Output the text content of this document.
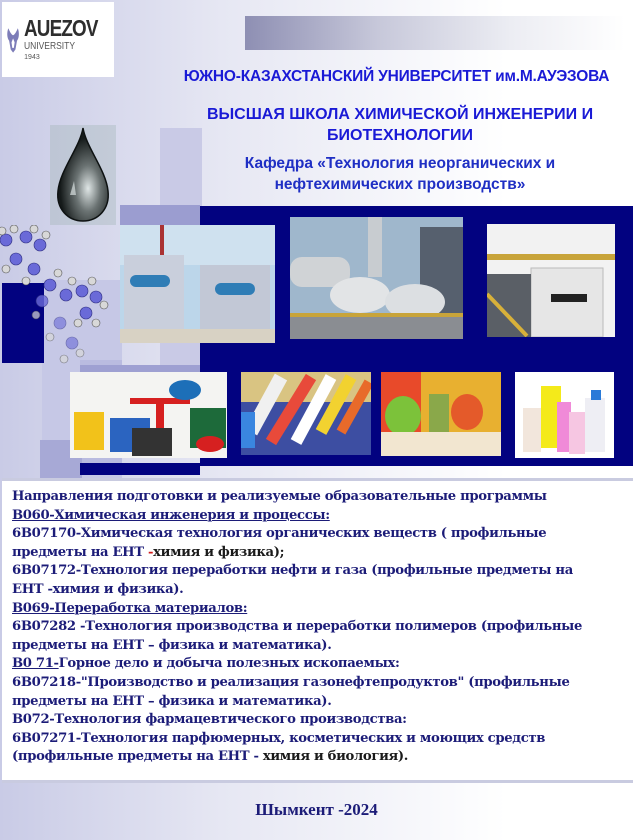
AUEZOV
UNIVERSITY
1943
ЮЖНО-КАЗАХСТАНСКИЙ УНИВЕРСИТЕТ им.М.АУЭЗОВА
ВЫСШАЯ ШКОЛА ХИМИЧЕСКОЙ ИНЖЕНЕРИИ И
БИОТЕХНОЛОГИИ
Кафедра «Технология неорганических и
нефтехимических производств»
Направления подготовки и реализуемые образовательные программы
В060-Химическая инженерия и процессы:
6В07170-Химическая технология органических веществ ( профильные
предметы на ЕНТ -химия и физика);
6В07172-Технология переработки нефти и газа (профильные предметы на
ЕНТ -химия и физика).
В069-Переработка материалов:
6В07282 -Технология производства и переработки полимеров (профильные
предметы на ЕНТ – физика и математика).
В0 71-Горное дело и добыча полезных ископаемых:
6В07218-"Производство и реализация газонефтепродуктов" (профильные
предметы на ЕНТ – физика и математика).
В072-Технология фармацевтического производства:
6В07271-Технология парфюмерных, косметических и моющих средств
(профильные предметы на ЕНТ - химия и биология).
Шымкент -2024
